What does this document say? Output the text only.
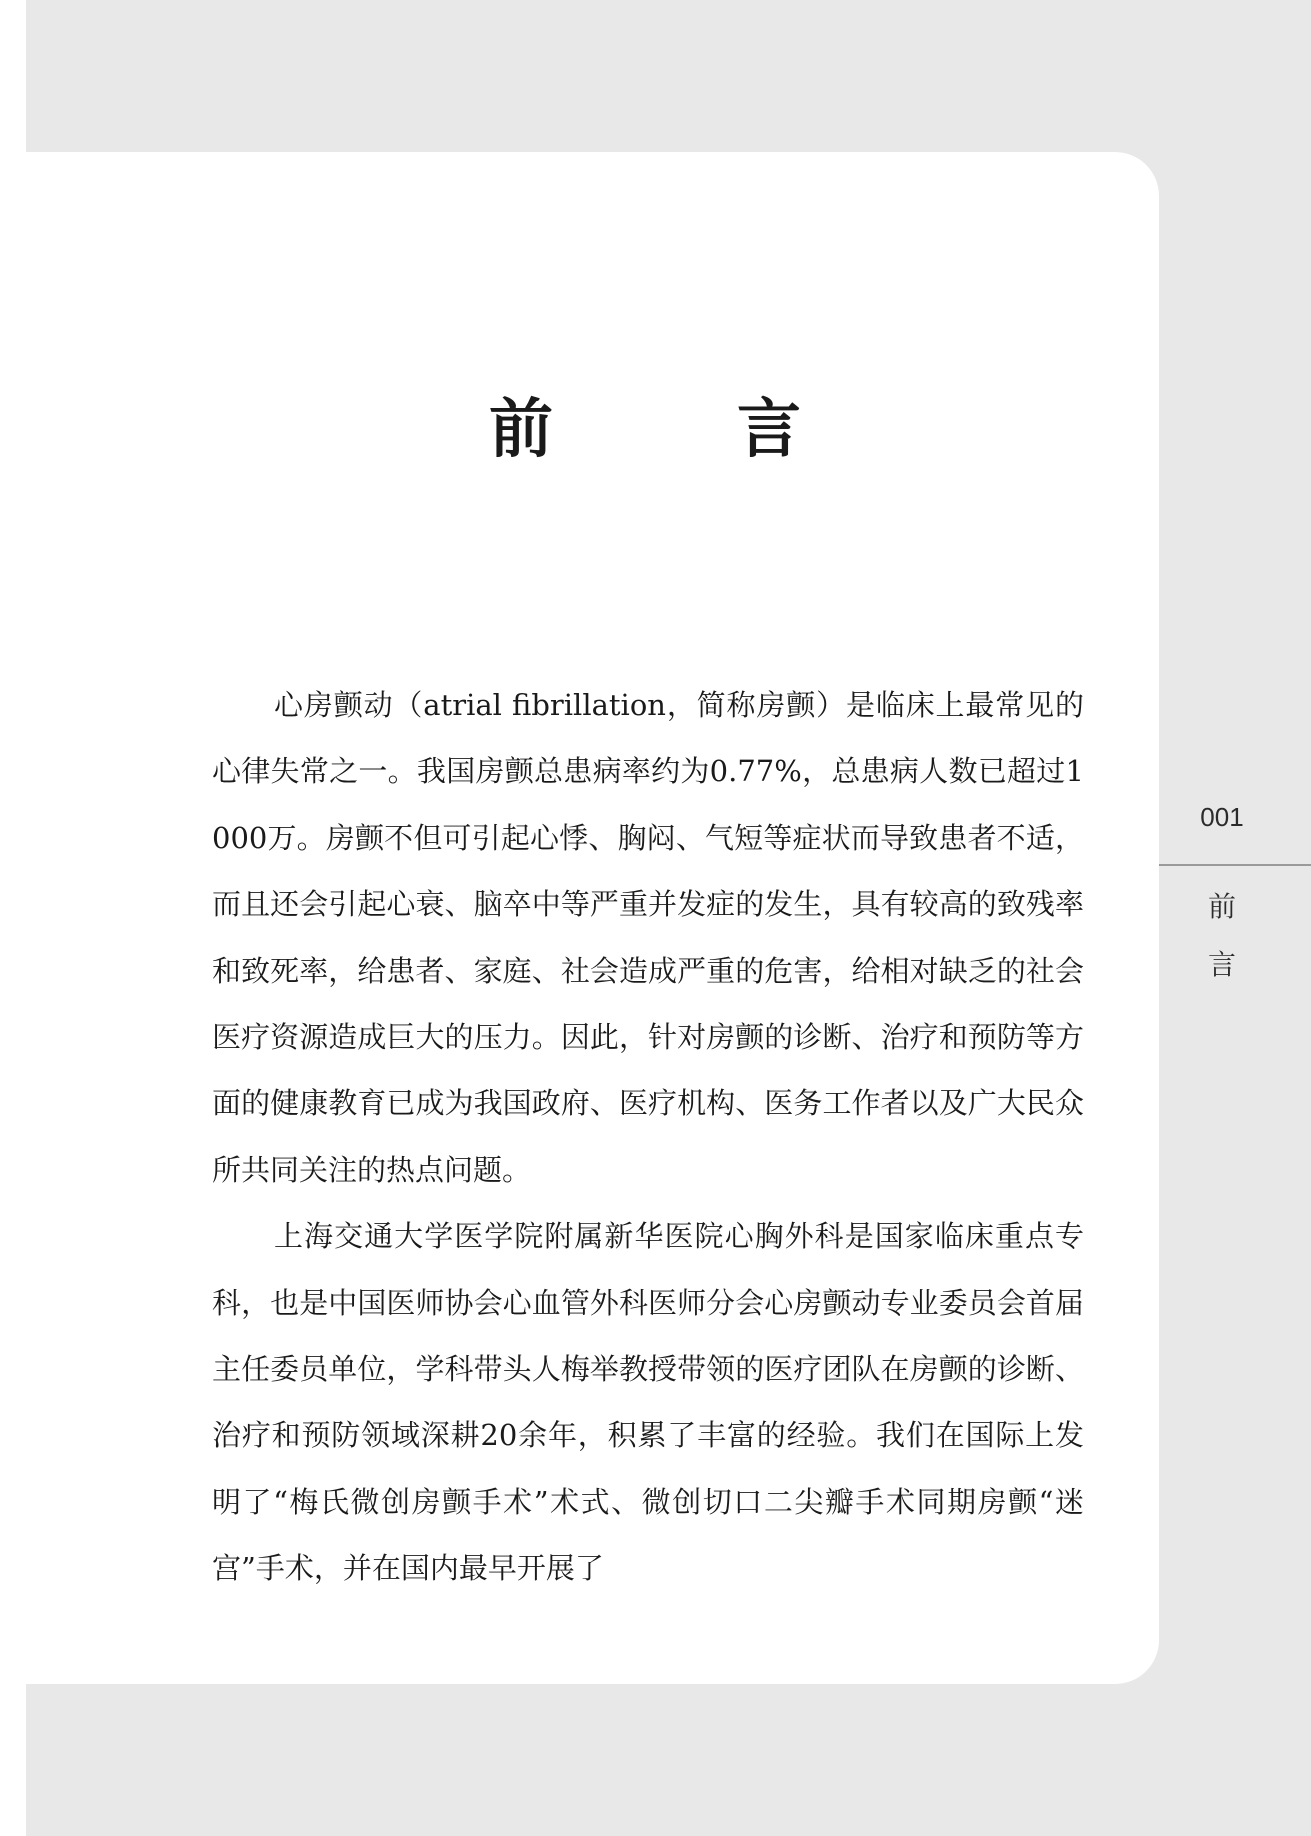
前　言

心房颤动（atrial fibrillation，简称房颤）是临床上最常见的心律失常之一。我国房颤总患病率约为0.77%，总患病人数已超过1 000万。房颤不但可引起心悸、胸闷、气短等症状而导致患者不适，而且还会引起心衰、脑卒中等严重并发症的发生，具有较高的致残率和致死率，给患者、家庭、社会造成严重的危害，给相对缺乏的社会医疗资源造成巨大的压力。因此，针对房颤的诊断、治疗和预防等方面的健康教育已成为我国政府、医疗机构、医务工作者以及广大民众所共同关注的热点问题。

上海交通大学医学院附属新华医院心胸外科是国家临床重点专科，也是中国医师协会心血管外科医师分会心房颤动专业委员会首届主任委员单位，学科带头人梅举教授带领的医疗团队在房颤的诊断、治疗和预防领域深耕20余年，积累了丰富的经验。我们在国际上发明了“梅氏微创房颤手术”术式、微创切口二尖瓣手术同期房颤“迷宫”手术，并在国内最早开展了

001
前
言
